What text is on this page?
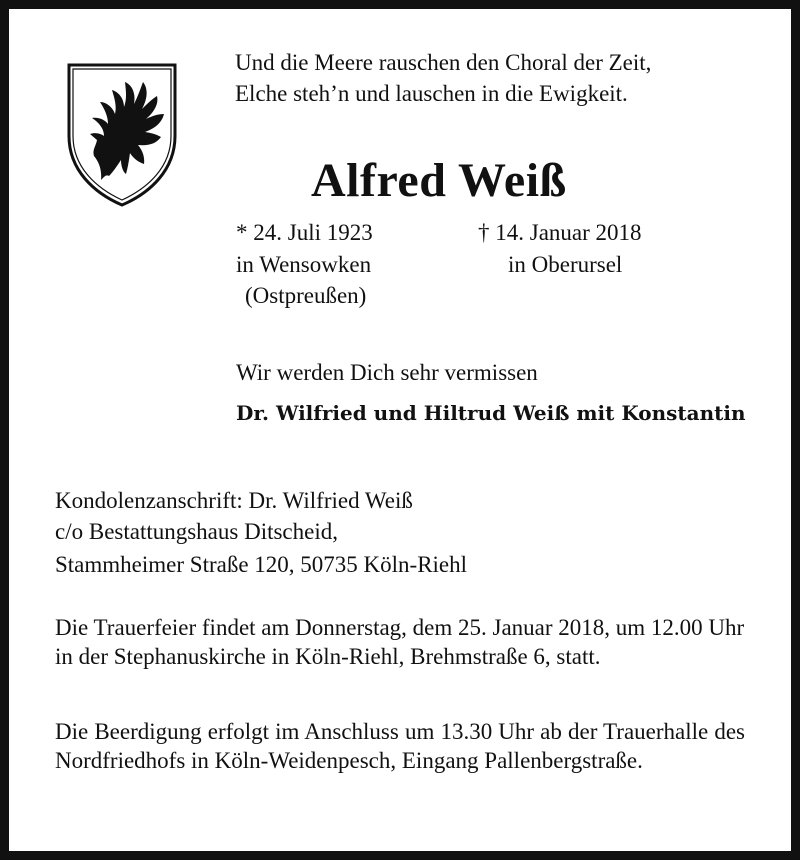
Und die Meere rauschen den Choral der Zeit,
Elche steh’n und lauschen in die Ewigkeit.
Alfred Weiß
* 24. Juli 1923
in Wensowken
(Ostpreußen)
† 14. Januar 2018
in Oberursel
Wir werden Dich sehr vermissen
Dr. Wilfried und Hiltrud Weiß mit Konstantin
Kondolenzanschrift: Dr. Wilfried Weiß
c/o Bestattungshaus Ditscheid,
Stammheimer Straße 120, 50735 Köln-Riehl
Die Trauerfeier findet am Donnerstag, dem 25. Januar 2018, um 12.00 Uhr in der Stephanuskirche in Köln-Riehl, Brehmstraße 6, statt.
Die Beerdigung erfolgt im Anschluss um 13.30 Uhr ab der Trauerhalle des Nordfriedhofs in Köln-Weidenpesch, Eingang Pallenbergstraße.
